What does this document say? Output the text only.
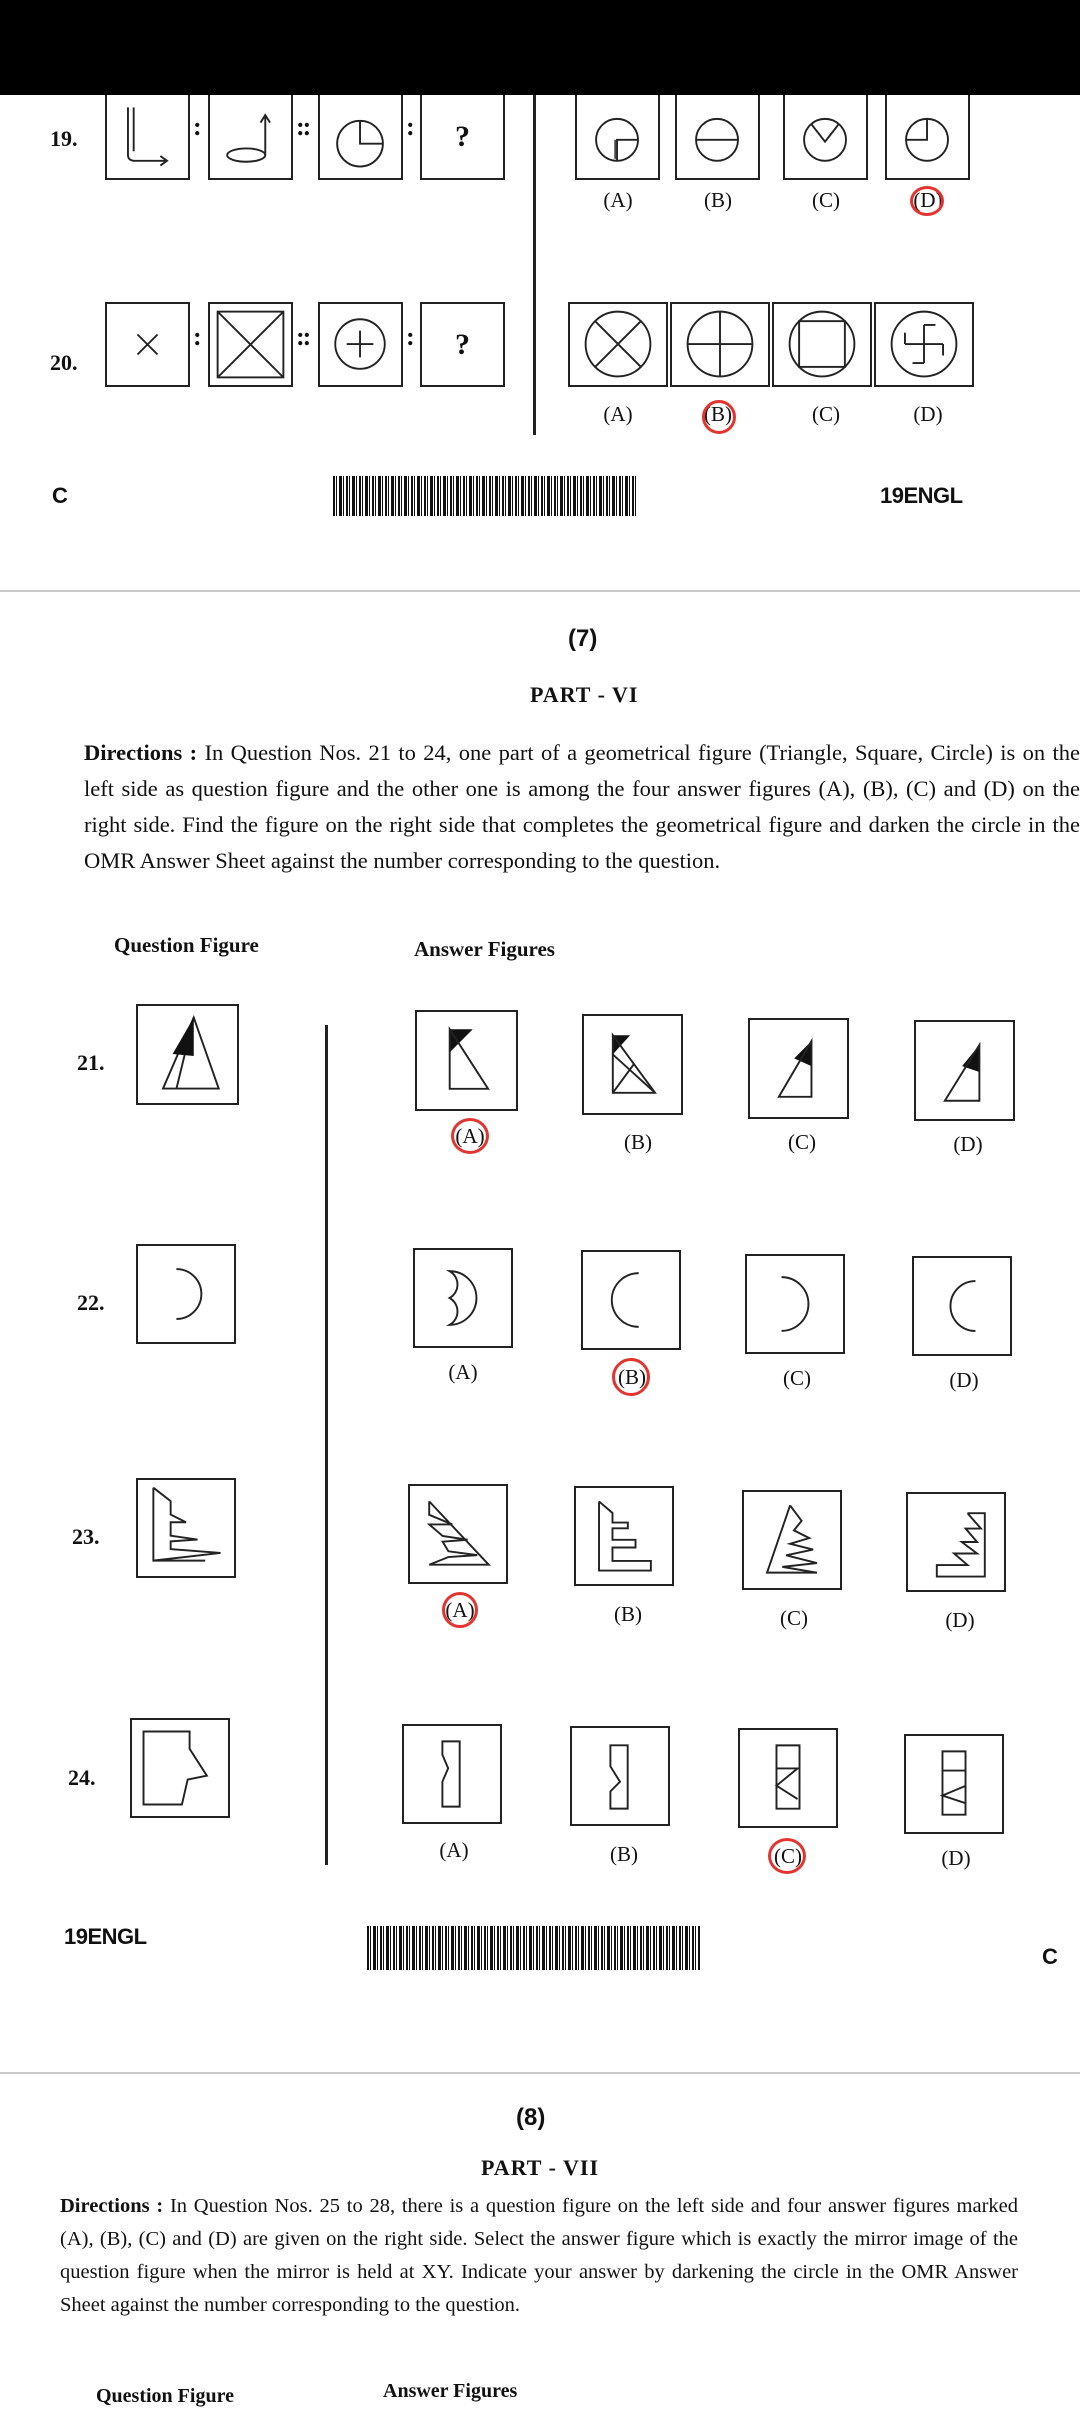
19.	:	::	:	?
(A)	(B)	(C)	(D)
20.
:	::	:	?
(A)	(B)	(C)	(D)
C	19ENGL
(7)
PART - VI
Directions : In Question Nos. 21 to 24, one part of a geometrical figure (Triangle, Square, Circle) is on the left side as question figure and the other one is among the four answer figures (A), (B), (C) and (D) on the right side. Find the figure on the right side that completes the geometrical figure and darken the circle in the OMR Answer Sheet against the number corresponding to the question.
Question Figure	Answer Figures
21.
(A)	(B)	(C)	(D)
22.
(A)	(B)	(C)	(D)
23.
(A)	(B)	(C)	(D)
24.
(A)	(B)	(C)	(D)
19ENGL
C
(8)
PART - VII
Directions : In Question Nos. 25 to 28, there is a question figure on the left side and four answer figures marked (A), (B), (C) and (D) are given on the right side. Select the answer figure which is exactly the mirror image of the question figure when the mirror is held at XY. Indicate your answer by darkening the circle in the OMR Answer Sheet against the number corresponding to the question.
Question Figure	Answer Figures
